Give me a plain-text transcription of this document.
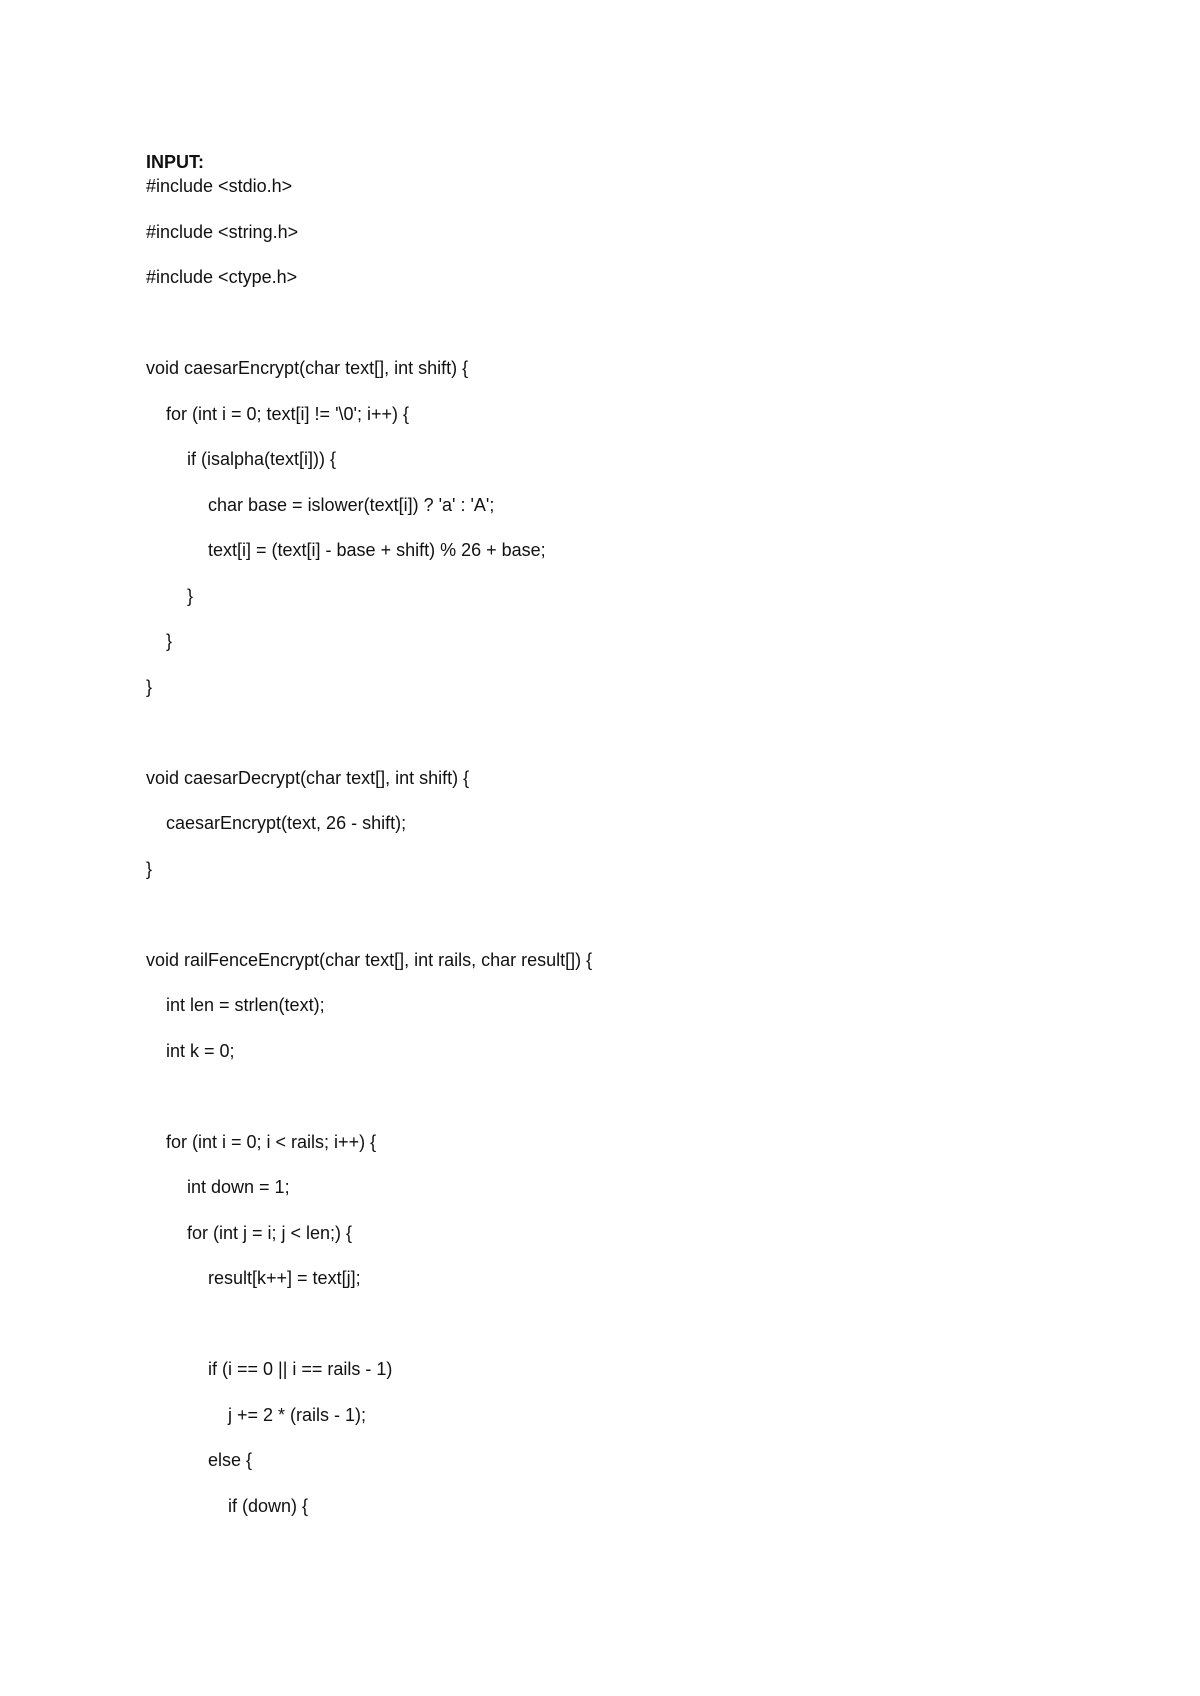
INPUT:
#include <stdio.h>
#include <string.h>
#include <ctype.h>
void caesarEncrypt(char text[], int shift) {
for (int i = 0; text[i] != '\0'; i++) {
if (isalpha(text[i])) {
char base = islower(text[i]) ? 'a' : 'A';
text[i] = (text[i] - base + shift) % 26 + base;
}
}
}
void caesarDecrypt(char text[], int shift) {
caesarEncrypt(text, 26 - shift);
}
void railFenceEncrypt(char text[], int rails, char result[]) {
int len = strlen(text);
int k = 0;
for (int i = 0; i < rails; i++) {
int down = 1;
for (int j = i; j < len;) {
result[k++] = text[j];
if (i == 0 || i == rails - 1)
j += 2 * (rails - 1);
else {
if (down) {
